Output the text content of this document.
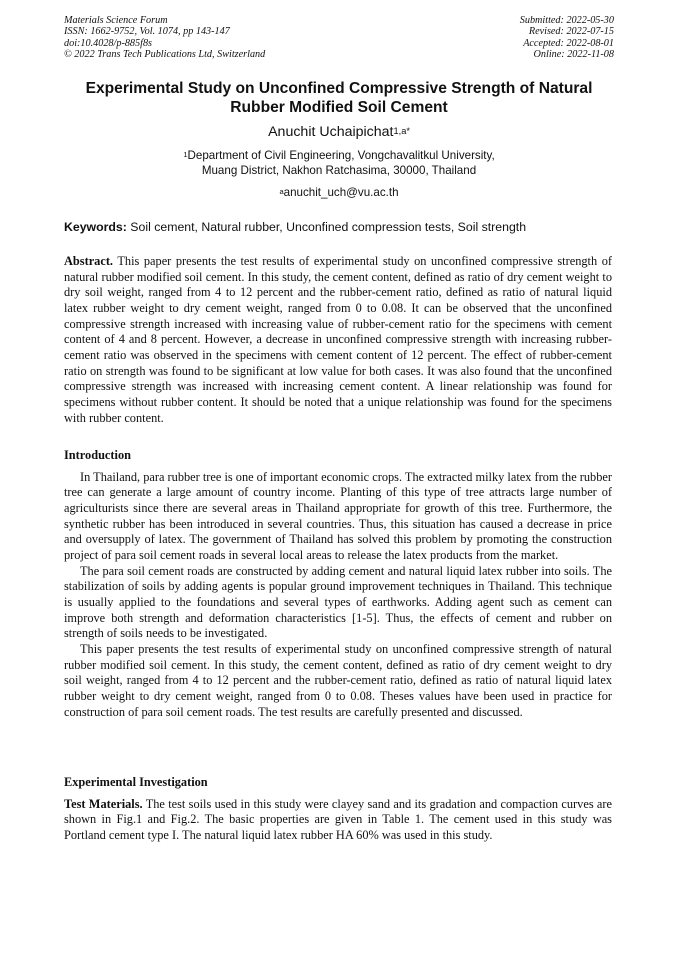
Materials Science Forum
ISSN: 1662-9752, Vol. 1074, pp 143-147
doi:10.4028/p-885f8s
© 2022 Trans Tech Publications Ltd, Switzerland
Submitted: 2022-05-30
Revised: 2022-07-15
Accepted: 2022-08-01
Online: 2022-11-08
Experimental Study on Unconfined Compressive Strength of Natural
Rubber Modified Soil Cement
Anuchit Uchaipichat$^{1,a*}$
$^1$Department of Civil Engineering, Vongchavalitkul University,
Muang District, Nakhon Ratchasima, 30000, Thailand
$^a$anuchit_uch@vu.ac.th
Keywords: Soil cement, Natural rubber, Unconfined compression tests, Soil strength

Abstract. This paper presents the test results of experimental study on unconfined compressive strength of natural rubber modified soil cement. In this study, the cement content, defined as ratio of dry cement weight to dry soil weight, ranged from 4 to 12 percent and the rubber-cement ratio, defined as ratio of natural liquid latex rubber weight to dry cement weight, ranged from 0 to 0.08. It can be observed that the unconfined compressive strength increased with increasing value of rubber-cement ratio for the specimens with cement content of 4 and 8 percent. However, a decrease in unconfined compressive strength with increasing rubber-cement ratio was observed in the specimens with cement content of 12 percent. The effect of rubber-cement ratio on strength was found to be significant at low value for both cases. It was also found that the unconfined compressive strength was increased with increasing cement content. A linear relationship was found for specimens without rubber content. It should be noted that a unique relationship was found for the specimens with rubber content.

Introduction

In Thailand, para rubber tree is one of important economic crops. The extracted milky latex from the rubber tree can generate a large amount of country income. Planting of this type of tree attracts large number of agriculturists since there are several areas in Thailand appropriate for growth of this tree. Furthermore, the synthetic rubber has been introduced in several countries. Thus, this situation has caused a decrease in price and oversupply of latex. The government of Thailand has solved this problem by promoting the construction project of para soil cement roads in several local areas to release the latex products from the market.

The para soil cement roads are constructed by adding cement and natural liquid latex rubber into soils. The stabilization of soils by adding agents is popular ground improvement techniques in Thailand. This technique is usually applied to the foundations and several types of earthworks. Adding agent such as cement can improve both strength and deformation characteristics [1-5]. Thus, the effects of cement and rubber on strength of soils needs to be investigated.

This paper presents the test results of experimental study on unconfined compressive strength of natural rubber modified soil cement. In this study, the cement content, defined as ratio of dry cement weight to dry soil weight, ranged from 4 to 12 percent and the rubber-cement ratio, defined as ratio of natural liquid latex rubber weight to dry cement weight, ranged from 0 to 0.08. Theses values have been used in practice for construction of para soil cement roads. The test results are carefully presented and discussed.

Experimental Investigation

Test Materials. The test soils used in this study were clayey sand and its gradation and compaction curves are shown in Fig.1 and Fig.2. The basic properties are given in Table 1. The cement used in this study was Portland cement type I. The natural liquid latex rubber HA 60% was used in this study.
